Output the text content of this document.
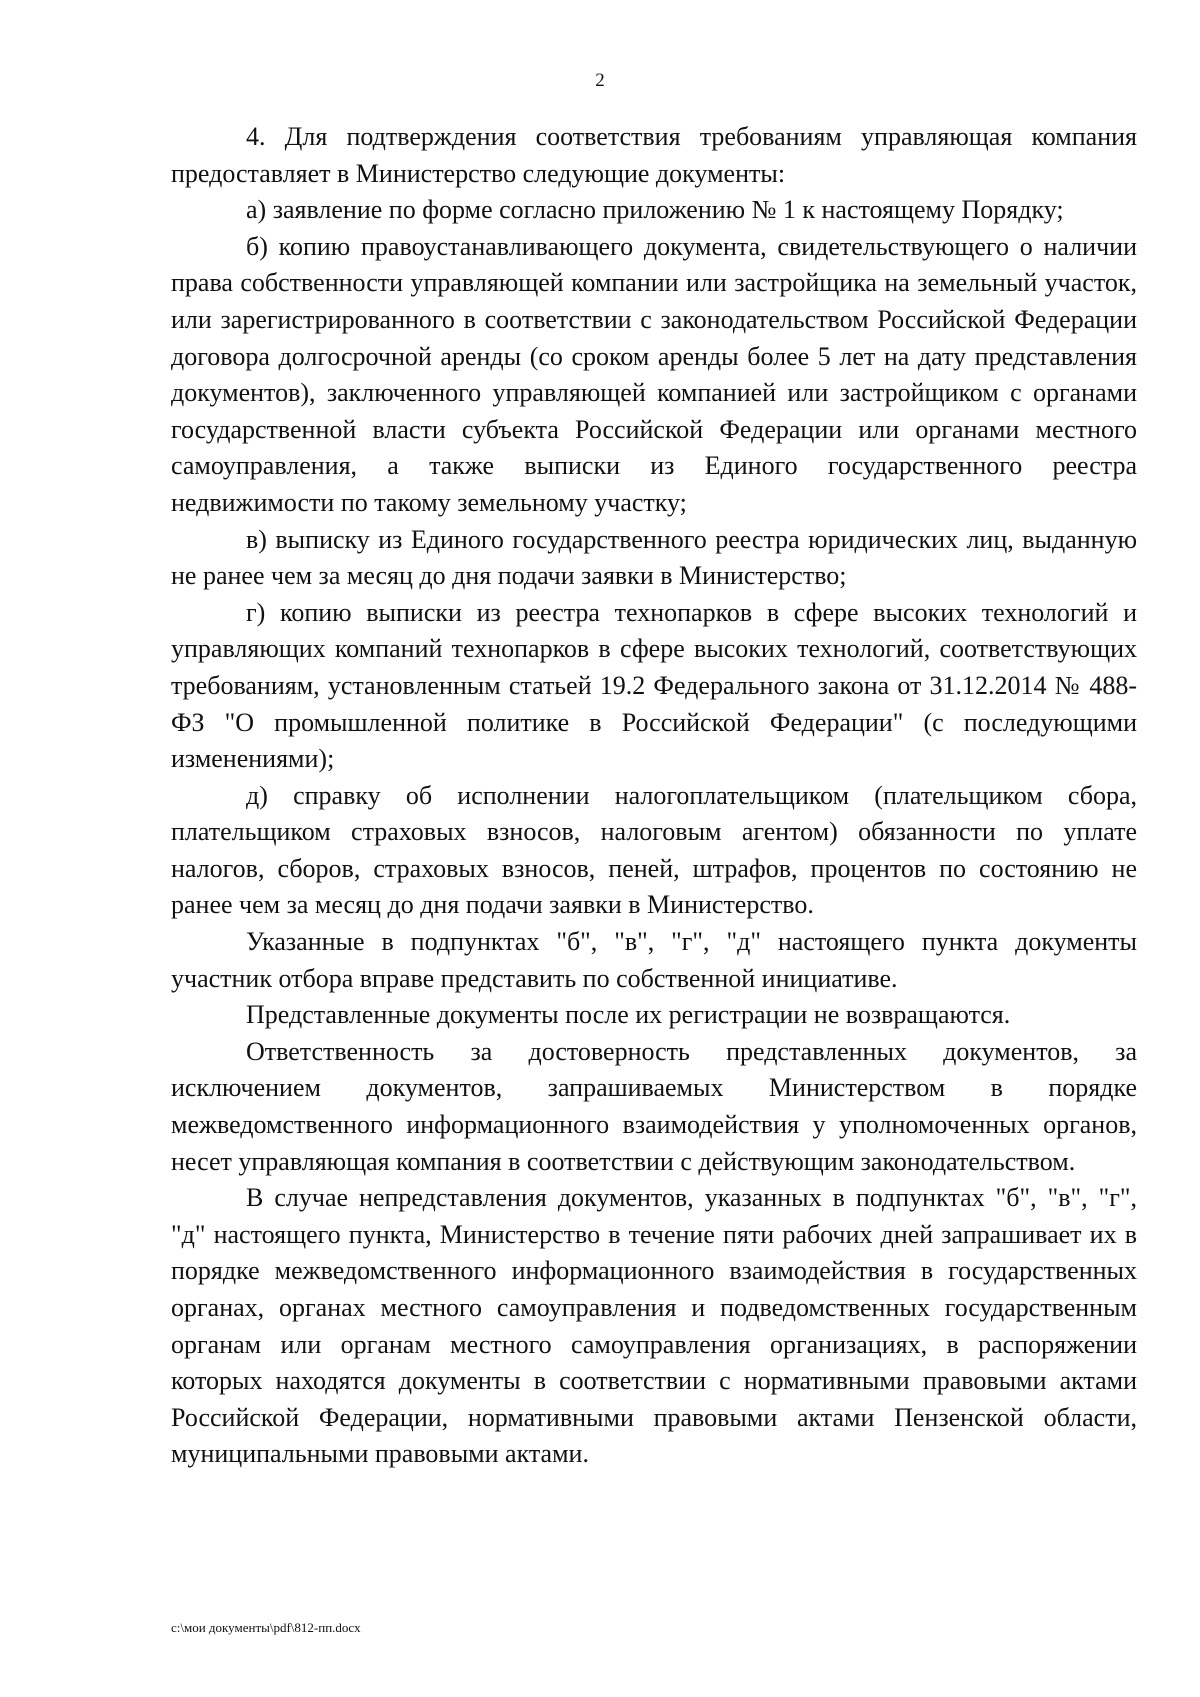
2

4. Для подтверждения соответствия требованиям управляющая компания предоставляет в Министерство следующие документы:

а) заявление по форме согласно приложению № 1 к настоящему Порядку;

б) копию правоустанавливающего документа, свидетельствующего о наличии права собственности управляющей компании или застройщика на земельный участок, или зарегистрированного в соответствии с законодательством Российской Федерации договора долгосрочной аренды (со сроком аренды более 5 лет на дату представления документов), заключенного управляющей компанией или застройщиком с органами государственной власти субъекта Российской Федерации или органами местного самоуправления, а также выписки из Единого государственного реестра недвижимости по такому земельному участку;

в) выписку из Единого государственного реестра юридических лиц, выданную не ранее чем за месяц до дня подачи заявки в Министерство;

г) копию выписки из реестра технопарков в сфере высоких технологий и управляющих компаний технопарков в сфере высоких технологий, соответствующих требованиям, установленным статьей 19.2 Федерального закона от 31.12.2014 № 488-ФЗ "О промышленной политике в Российской Федерации" (с последующими изменениями);

д) справку об исполнении налогоплательщиком (плательщиком сбора, плательщиком страховых взносов, налоговым агентом) обязанности по уплате налогов, сборов, страховых взносов, пеней, штрафов, процентов по состоянию не ранее чем за месяц до дня подачи заявки в Министерство.

Указанные в подпунктах "б", "в", "г", "д" настоящего пункта документы участник отбора вправе представить по собственной инициативе.

Представленные документы после их регистрации не возвращаются.

Ответственность за достоверность представленных документов, за исключением документов, запрашиваемых Министерством в порядке межведомственного информационного взаимодействия у уполномоченных органов, несет управляющая компания в соответствии с действующим законодательством.

В случае непредставления документов, указанных в подпунктах "б", "в", "г", "д" настоящего пункта, Министерство в течение пяти рабочих дней запрашивает их в порядке межведомственного информационного взаимодействия в государственных органах, органах местного самоуправления и подведомственных государственным органам или органам местного самоуправления организациях, в распоряжении которых находятся документы в соответствии с нормативными правовыми актами Российской Федерации, нормативными правовыми актами Пензенской области, муниципальными правовыми актами.

c:\мои документы\pdf\812-пп.docx
